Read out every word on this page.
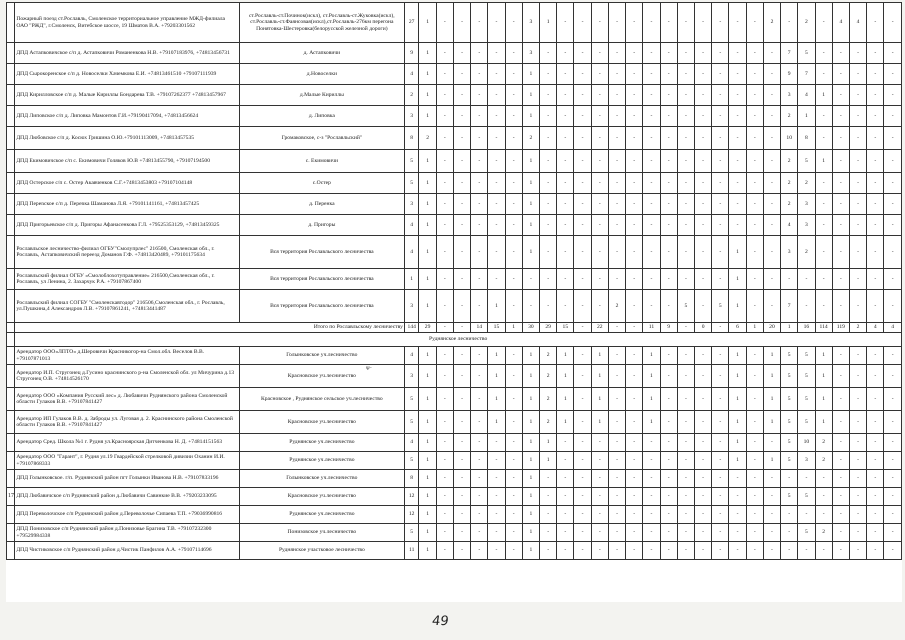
	Пожарный поезд ст.Рославль, Смоленское территориальное управление МЖД-филиала ОАО "РЖД", г.Смоленск, Витебское шоссе, 19 Шматов В.А. +79203301562	ст.Рославль-ст.Починок(искл), ст.Рославль-ст.Жуковка(искл), ст.Рославль-ст.Фаянсовая(искл),ст.Рославль-276км перегона Понятовка-Шестеровка(белорусской железной дороги)	27	1	-	-	-	-	-	3	1	-	-	-	-	-	-	-	-	-	-	-	-	2	-	2	-	4	4	-	-
	ДПД Астапковичское с/п д. Астапковичи Романенкова Н.В. +79107183976, +74813456731	д. Астапковичи	9	1	-	-	-	-	-	3	-	-	-	-	-	-	-	-	-	-	-	-	-	-	7	5	-	-	-	-	-
	ДПД Сырокоренское с/п д. Новоселки Хачемкова Е.И. +74813461510 +79107111939	д.Новоселки	4	1	-	-	-	-	-	1	-	-	-	-	-	-	-	-	-	-	-	-	-	-	9	7	-	-	-	-	-
	ДПД Кирилловское с/п д. Малые Кириллы Бондарева Т.В. +79107262377 +74813457967	д.Малые Кириллы	2	1	-	-	-	-	-	1	-	-	-	-	-	-	-	-	-	-	-	-	-	-	3	4	1	-	-	-	-
	ДПД Липовское с/п д. Липовка Мамонтов Г.И.+79190417094, +74813456624	д. Липовка	3	1	-	-	-	-	-	1	-	-	-	-	-	-	-	-	-	-	-	-	-	-	2	1	-	-	-	-	-
	ДПД Любовское с/п д. Косюх Гришина О.Ю.+79101113009, +74813457535	Громаковское, с-з "Рославльский"	8	2	-	-	-	-	-	2	-	-	-	-	-	-	-	-	-	-	-	-	-	-	10	8	-	-	-	-	-
	ДПД Екимовичское с/п с. Екимовичи Голяков Ю.В +74813455790, +79107194500	с. Екимовичи	5	1	-	-	-	-	-	1	-	-	-	-	-	-	-	-	-	-	-	-	-	-	2	5	1	-	-	-	-
	ДПД Остерское с/п с. Остер Акавченков С.Г.+74813453803 +79107104148	с.Остер	5	1	-	-	-	-	-	1	-	-	-	-	-	-	-	-	-	-	-	-	-	-	2	2	-	-	-	-	-
	ДПД Переnское с/п д. Переnка Шаманова Л.Я. +79101141161, +74813457425	д. Перенка	3	1	-	-	-	-	-	1	-	-	-	-	-	-	-	-	-	-	-	-	-	-	2	3	-	-	-	-	-
	ДПД Пригорьевское с/п д. Пригоры Афанасенкова Г.Л. +79525353129, +74813459325	д. Пригоры	4	1	-	-	-	-	-	1	-	-	-	-	-	-	-	-	-	-	-	-	-	-	4	3	-	-	-	-	-
	Рославльское лесничество-филиал ОГБУ"Смолупрлес" 216500, Смоленская обл., г. Рославль, Астапковичский переезд Доманов Г.Ф. +74813420489, +79101175634	Вся территория Рославльского лесничества	4	1	-	-	-	-	-	1	-	-	-	-	-	-	-	-	-	-	-	1	-	-	3	2	-	-	-	-	-
	Рославльский филиал ОГБУ «Смолоблохотуправление» 216500,Смоленская обл., г. Рославль, ул Ленина, 2. Захарчук Р.А. +79107867400	Вся территория Рославльского лесничества	1	1	-	-	-	-	-	-	-	-	-	-	-	-	-	-	-	-	-	1	-	-	-	-	-	-	-	-	-
	Рославльский филиал СОГБУ "Смоленскавтодор" 216506,Смоленская обл., г. Рославль, ул.Пушкина,4 Александров Л.В. +79107861241, +74813441487	Вся территория Рославльского лесничества	3	1	-	-	-	1	-	-	-	-	-	-	2	-	-	-	5	-	5	1	-	-	7	-	-	-	-	-	-
	Итого по Рославльскому лесничеству		144	29	-	-	14	15	1	30	29	15	-	22	-	-	11	9	-	0	-	6	1	20	1	16	114	119	2	4	4
	Руднянское лесничество																														
	Арендатор ООО«ЛПТО» д.Шеровичи Красникогор-на Смол.обл. Веселов В.В. +79107871013	Голынковское уч.лесничество	4	1	-	-	-	1	-	1	2	1	-	1	-	-	1	-	-	-	-	1	-	1	5	5	1	-	-	-	-
	Арендатор И.П. Стругонец д.Гусино краснинского р-на Смоленской обл. ул Мичурина д.13 Стругонец О.В. +74814526170	Красновское уч.лесничество	3	1	-	-	-	1	-	1	2	1	-	1	-	-	1	-	-	-	-	1	-	1	5	5	1	-	-	-	-
	Арендатор ООО «Компания Русский лес» д. Любавичи Руднянского района Смоленской области Гулаков В.В. +79107841427	Красновское , Руднянское сельское уч.лесничество	5	1	-	-	-	1	-	1	2	1	-	1	-	-	1	-	-	-	-	1	-	1	5	5	1	-	-	-	-
	Арендатор ИП Гулаков В.В. д. Заброды ул. Луговая д. 2. Краснинского района Смоленской области Гулаков В.В. +79107841427	Красновское уч.лесничество	5	1	-	-	-	1	-	1	2	1	-	1	-	-	1	-	-	-	-	1	-	1	5	5	1	-	-	-	-
	Арендатор Сред. Школа №1 г. Рудня ул.Красноярская Дитченкова Н. Д. +74814151563	Руднянское уч.лесничество	4	1	-	-	-	-	-	1	1	-	-	-	-	-	-	-	-	-	-	1	-	-	5	10	2	-	-	-	-
	Арендатор ООО "Гарант", г. Рудня ул.19 Гвардейской стрелковой дивизии Оханин И.И. +79107868333	Руднянское уч.лесничество	5	1	-	-	-	-	-	1	1	-	-	-	-	-	-	-	-	-	-	1	-	1	5	3	2	-	-	-	-
	ДПД Голынковское. г/п. Руднянский район пгт Голынки Иванова Н.В. +79107833196	Голынковское уч.лесничество	8	1	-	-	-	-	-	1	-	-	-	-	-	-	-	-	-	-	-	-	-	-	-	-	-	-	-	-	-
17	ДПД Любавичское с/п Руднянский район д.Любавичи Савинкие В.В. +79203233095	Красновское уч.лесничество	12	1	-	-	-	-	-	1	-	-	-	-	-	-	-	-	-	-	-	-	-	-	5	5	-	-	-	-	-
	ДПД Переволочское с/п Руднянский район д.Переволочье Сипаева Т.П. +79036990816	Руднянское уч.лесничество	12	1	-	-	-	-	-	1	-	-	-	-	-	-	-	-	-	-	-	-	-	-	-	-	-	-	-	-	-
	ДПД Понизовское с/п Руднянский район д.Понизовье Брагина Т.В. +79107232300 +79529984338	Понизовское уч.лесничество	5	1	-	-	-	-	-	1	-	-	-	-	-	-	-	-	-	-	-	-	-	-	-	5	2	-	-	-	-
	ДПД Чистиковское с/п Руднянский район д.Чистик Панфилов А.А. +79107114696	Руднянское участковое лесничество	11	1	-	-	-	-	-	1	-	-	-	-	-	-	-	-	-	-	-	-	-	-	-	-	-	-	-	-	-
ᴪ·
49
